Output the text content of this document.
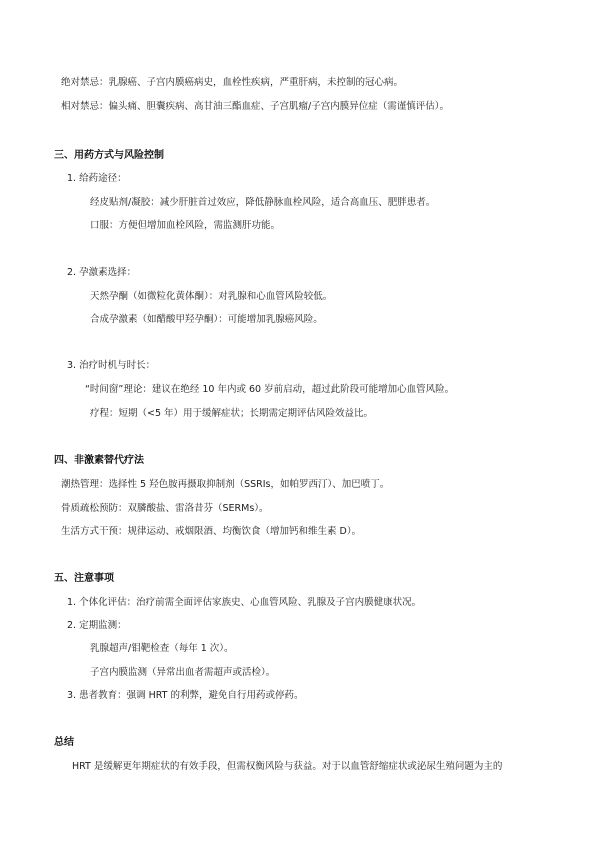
绝对禁忌：乳腺癌、子宫内膜癌病史，血栓性疾病，严重肝病，未控制的冠心病。
相对禁忌：偏头痛、胆囊疾病、高甘油三酯血症、子宫肌瘤/子宫内膜异位症（需谨慎评估）。
三、用药方式与风险控制
1. 给药途径：
经皮贴剂/凝胶：减少肝脏首过效应，降低静脉血栓风险，适合高血压、肥胖患者。
口服：方便但增加血栓风险，需监测肝功能。
2. 孕激素选择：
天然孕酮（如微粒化黄体酮）：对乳腺和心血管风险较低。
合成孕激素（如醋酸甲羟孕酮）：可能增加乳腺癌风险。
3. 治疗时机与时长：
“时间窗”理论：建议在绝经 10 年内或 60 岁前启动，超过此阶段可能增加心血管风险。
疗程：短期（<5 年）用于缓解症状；长期需定期评估风险效益比。
四、非激素替代疗法
潮热管理：选择性 5 羟色胺再摄取抑制剂（SSRIs，如帕罗西汀）、加巴喷丁。
骨质疏松预防：双膦酸盐、雷洛昔芬（SERMs）。
生活方式干预：规律运动、戒烟限酒、均衡饮食（增加钙和维生素 D）。
五、注意事项
1. 个体化评估：治疗前需全面评估家族史、心血管风险、乳腺及子宫内膜健康状况。
2. 定期监测：
乳腺超声/钼靶检查（每年 1 次）。
子宫内膜监测（异常出血者需超声或活检）。
3. 患者教育：强调 HRT 的利弊，避免自行用药或停药。
总结
HRT 是缓解更年期症状的有效手段，但需权衡风险与获益。对于以血管舒缩症状或泌尿生殖问题为主的
